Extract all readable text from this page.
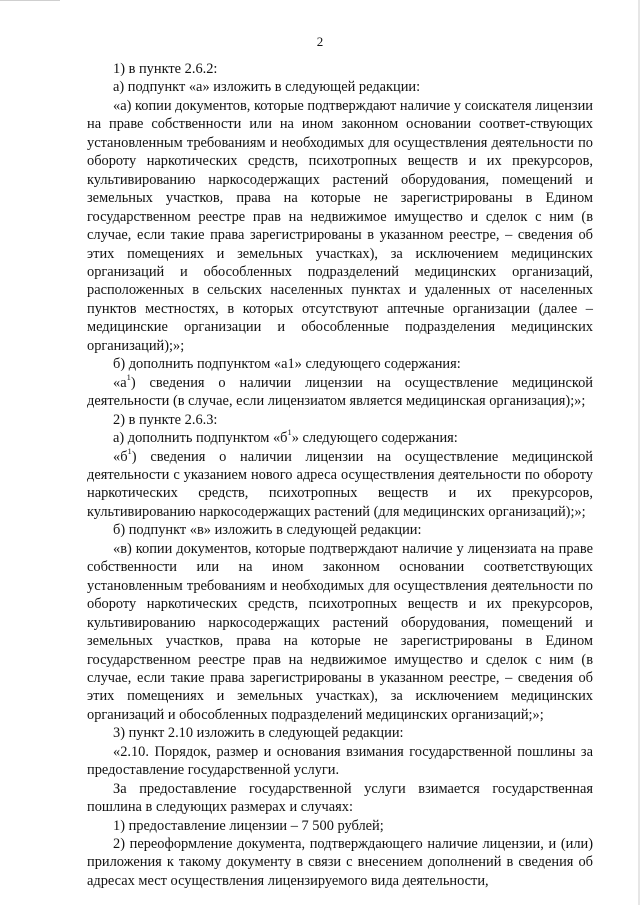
2

1) в пункте 2.6.2:

а) подпункт «а» изложить в следующей редакции:

«а) копии документов, которые подтверждают наличие у соискателя лицензии на праве собственности или на ином законном основании соответ-ствующих установленным требованиям и необходимых для осуществления деятельности по обороту наркотических средств, психотропных веществ и их прекурсоров, культивированию наркосодержащих растений оборудования, помещений и земельных участков, права на которые не зарегистрированы в Едином государственном реестре прав на недвижимое имущество и сделок с ним (в случае, если такие права зарегистрированы в указанном реестре, – сведения об этих помещениях и земельных участках), за исключением медицинских организаций и обособленных подразделений медицинских организаций, расположенных в сельских населенных пунктах и удаленных от населенных пунктов местностях, в которых отсутствуют аптечные организации (далее – медицинские организации и обособленные подразделения медицинских организаций);»;

б) дополнить подпунктом «а1» следующего содержания:

«$а^1$) сведения о наличии лицензии на осуществление медицинской деятельности (в случае, если лицензиатом является медицинская организация);»;

2) в пункте 2.6.3:

а) дополнить подпунктом «$б^1$» следующего содержания:

«$б^1$) сведения о наличии лицензии на осуществление медицинской деятельности с указанием нового адреса осуществления деятельности по обороту наркотических средств, психотропных веществ и их прекурсоров, культивированию наркосодержащих растений (для медицинских организаций);»;

б) подпункт «в» изложить в следующей редакции:

«в) копии документов, которые подтверждают наличие у лицензиата на праве собственности или на ином законном основании соответствующих установленным требованиям и необходимых для осуществления деятельности по обороту наркотических средств, психотропных веществ и их прекурсоров, культивированию наркосодержащих растений оборудования, помещений и земельных участков, права на которые не зарегистрированы в Едином государственном реестре прав на недвижимое имущество и сделок с ним (в случае, если такие права зарегистрированы в указанном реестре, – сведения об этих помещениях и земельных участках), за исключением медицинских организаций и обособленных подразделений медицинских организаций;»;

3) пункт 2.10 изложить в следующей редакции:

«2.10. Порядок, размер и основания взимания государственной пошлины за предоставление государственной услуги.

За предоставление государственной услуги взимается государственная пошлина в следующих размерах и случаях:

1) предоставление лицензии – 7 500 рублей;

2) переоформление документа, подтверждающего наличие лицензии, и (или) приложения к такому документу в связи с внесением дополнений в сведения об адресах мест осуществления лицензируемого вида деятельности,
